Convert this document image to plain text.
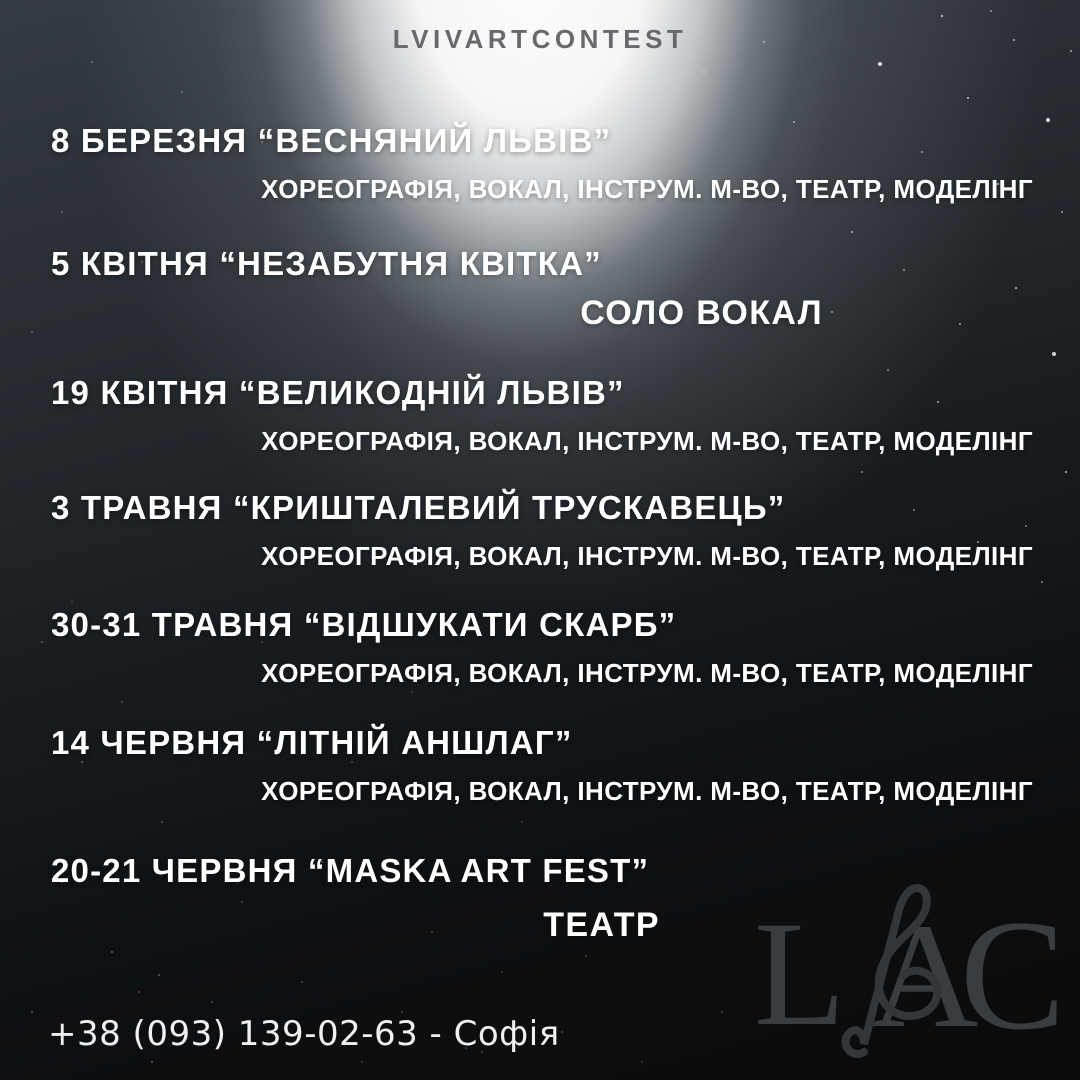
LVIVARTCONTEST
8 БЕРЕЗНЯ “ВЕСНЯНИЙ ЛЬВІВ”
ХОРЕОГРАФІЯ, ВОКАЛ, ІНСТРУМ. М-ВО, ТЕАТР, МОДЕЛІНГ
5 КВІТНЯ “НЕЗАБУТНЯ КВІТКА”
СОЛО ВОКАЛ
19 КВІТНЯ “ВЕЛИКОДНІЙ ЛЬВІВ”
ХОРЕОГРАФІЯ, ВОКАЛ, ІНСТРУМ. М-ВО, ТЕАТР, МОДЕЛІНГ
3 ТРАВНЯ “КРИШТАЛЕВИЙ ТРУСКАВЕЦЬ”
ХОРЕОГРАФІЯ, ВОКАЛ, ІНСТРУМ. М-ВО, ТЕАТР, МОДЕЛІНГ
30-31 ТРАВНЯ “ВІДШУКАТИ СКАРБ”
ХОРЕОГРАФІЯ, ВОКАЛ, ІНСТРУМ. М-ВО, ТЕАТР, МОДЕЛІНГ
14 ЧЕРВНЯ “ЛІТНІЙ АНШЛАГ”
ХОРЕОГРАФІЯ, ВОКАЛ, ІНСТРУМ. М-ВО, ТЕАТР, МОДЕЛІНГ
20-21 ЧЕРВНЯ “MASKA ART FEST”
ТЕАТР
+38 (093) 139-02-63 - Софія L A
C
